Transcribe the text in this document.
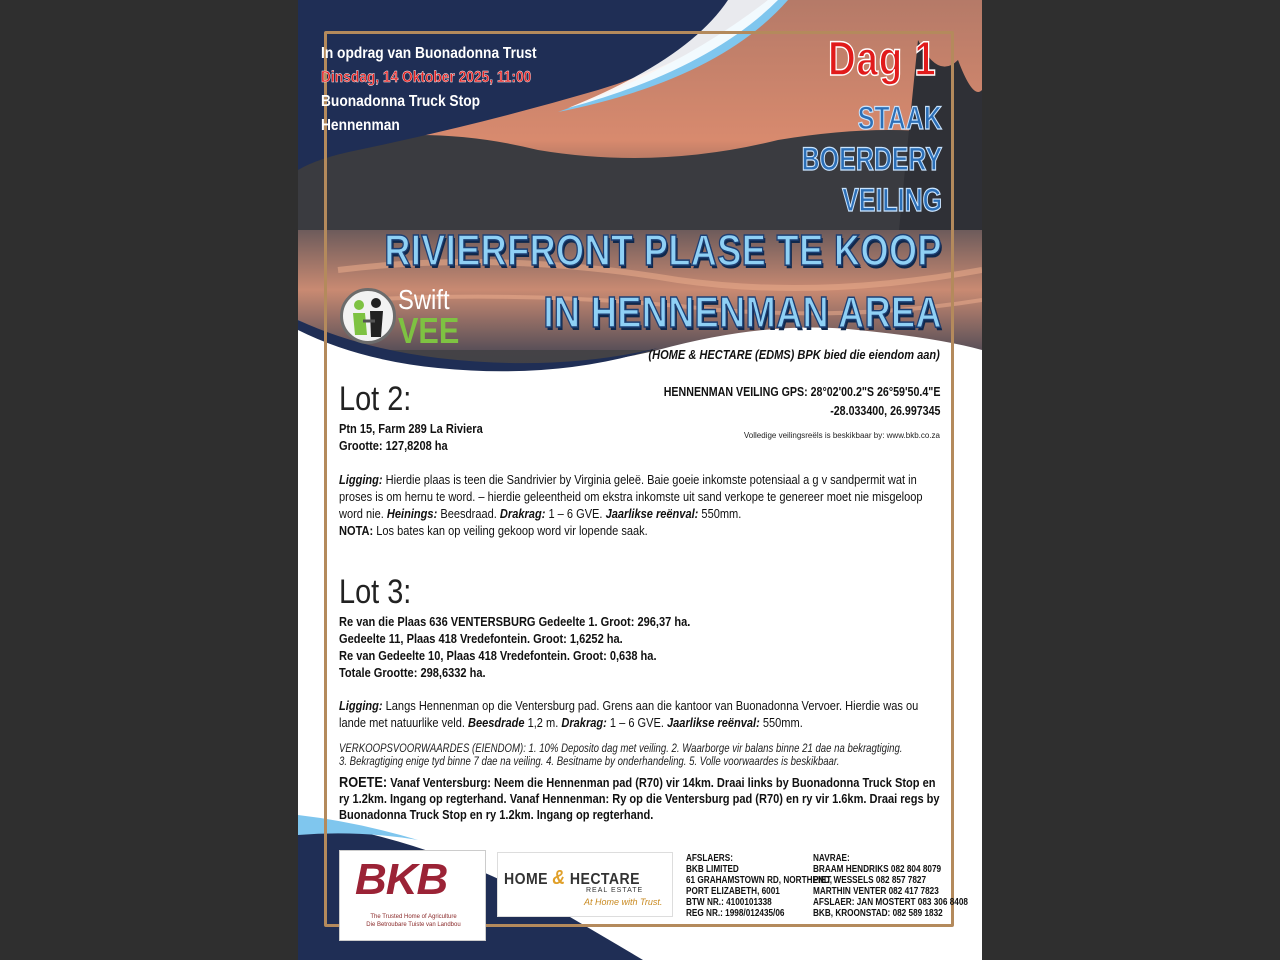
In opdrag van Buonadonna Trust
Dinsdag, 14 Oktober 2025, 11:00
Buonadonna Truck Stop
Hennenman
Dag 1
STAAK
BOERDERY
VEILING
RIVIERFRONT PLASE TE KOOP
IN HENNENMAN AREA
Swift
VEE
(HOME & HECTARE (EDMS) BPK bied die eiendom aan)
HENNENMAN VEILING GPS: 28°02'00.2"S 26°59'50.4"E
-28.033400, 26.997345
Volledige veilingsreëls is beskikbaar by: www.bkb.co.za
Lot 2:
Ptn 15, Farm 289 La Riviera
Grootte: 127,8208 ha
Ligging: Hierdie plaas is teen die Sandrivier by Virginia geleë. Baie goeie inkomste potensiaal a g v sandpermit wat in proses is om hernu te word. – hierdie geleentheid om ekstra inkomste uit sand verkope te genereer moet nie misgeloop word nie. Heinings: Beesdraad. Drakrag: 1 – 6 GVE. Jaarlikse reënval: 550mm.
NOTA: Los bates kan op veiling gekoop word vir lopende saak.
Lot 3:
Re van die Plaas 636 VENTERSBURG Gedeelte 1. Groot: 296,37 ha.
Gedeelte 11, Plaas 418 Vredefontein. Groot: 1,6252 ha.
Re van Gedeelte 10, Plaas 418 Vredefontein. Groot: 0,638 ha.
Totale Grootte: 298,6332 ha.
Ligging: Langs Hennenman op die Ventersburg pad. Grens aan die kantoor van Buonadonna Vervoer. Hierdie was ou lande met natuurlike veld. Beesdrade 1,2 m. Drakrag: 1 – 6 GVE. Jaarlikse reënval: 550mm.
VERKOOPSVOORWAARDES (EIENDOM): 1. 10% Deposito dag met veiling. 2. Waarborge vir balans binne 21 dae na bekragtiging.
3. Bekragtiging enige tyd binne 7 dae na veiling. 4. Besitname by onderhandeling. 5. Volle voorwaardes is beskikbaar.
ROETE: Vanaf Ventersburg: Neem die Hennenman pad (R70) vir 14km. Draai links by Buonadonna Truck Stop en ry 1.2km. Ingang op regterhand. Vanaf Hennenman: Ry op die Ventersburg pad (R70) en ry vir 1.6km. Draai regs by Buonadonna Truck Stop en ry 1.2km. Ingang op regterhand.
BKB
The Trusted Home of Agriculture
Die Betroubare Tuiste van Landbou
HOME & HECTARE
REAL ESTATE
At Home with Trust.
AFSLAERS:
BKB LIMITED
61 GRAHAMSTOWN RD, NORTHEND,
PORT ELIZABETH, 6001
BTW NR.: 4100101338
REG NR.: 1998/012435/06
NAVRAE:
BRAAM HENDRIKS 082 804 8079
PIET WESSELS 082 857 7827
MARTHIN VENTER 082 417 7823
AFSLAER: JAN MOSTERT 083 306 8408
BKB, KROONSTAD: 082 589 1832
